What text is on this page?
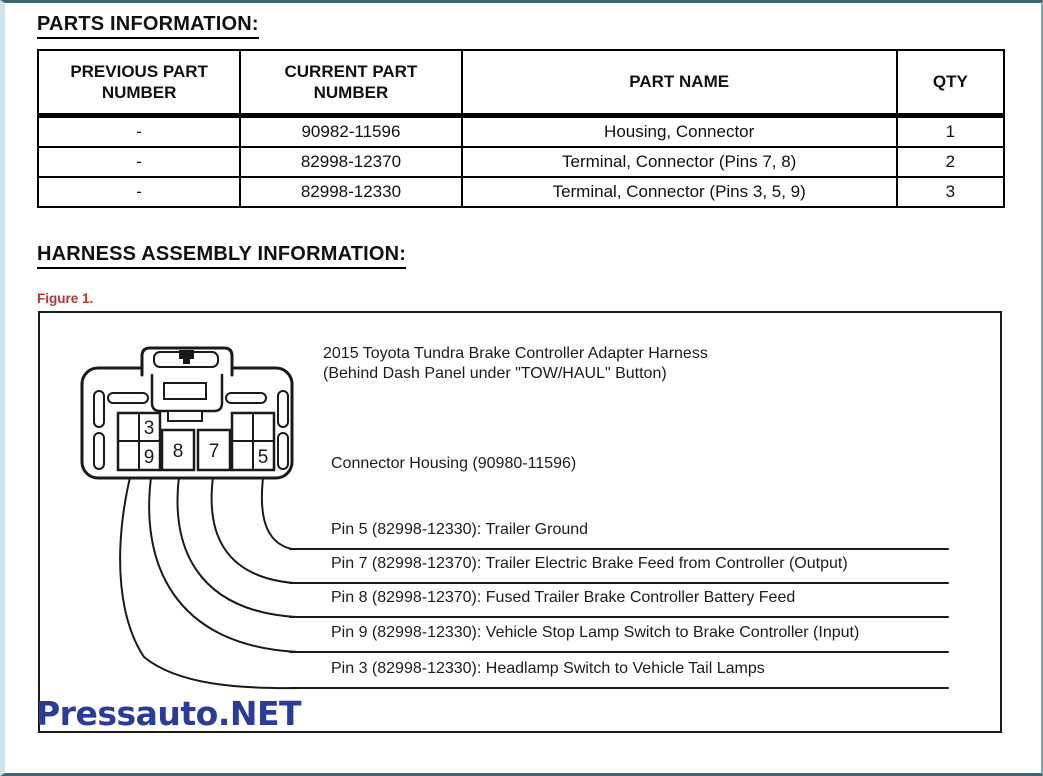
PARTS INFORMATION:
PREVIOUS PART NUMBER	CURRENT PART NUMBER	PART NAME	QTY
-	90982-11596	Housing, Connector	1
-	82998-12370	Terminal, Connector (Pins 7, 8)	2
-	82998-12330	Terminal, Connector (Pins 3, 5, 9)	3
HARNESS ASSEMBLY INFORMATION:
Figure 1.
3
9 8 7 5
2015 Toyota Tundra Brake Controller Adapter Harness
(Behind Dash Panel under "TOW/HAUL" Button)
Connector Housing (90980-11596)
Pin 5 (82998-12330): Trailer Ground
Pin 7 (82998-12370): Trailer Electric Brake Feed from Controller (Output)
Pin 8 (82998-12370): Fused Trailer Brake Controller Battery Feed
Pin 9 (82998-12330): Vehicle Stop Lamp Switch to Brake Controller (Input)
Pin 3 (82998-12330): Headlamp Switch to Vehicle Tail Lamps
Pressauto.NET
